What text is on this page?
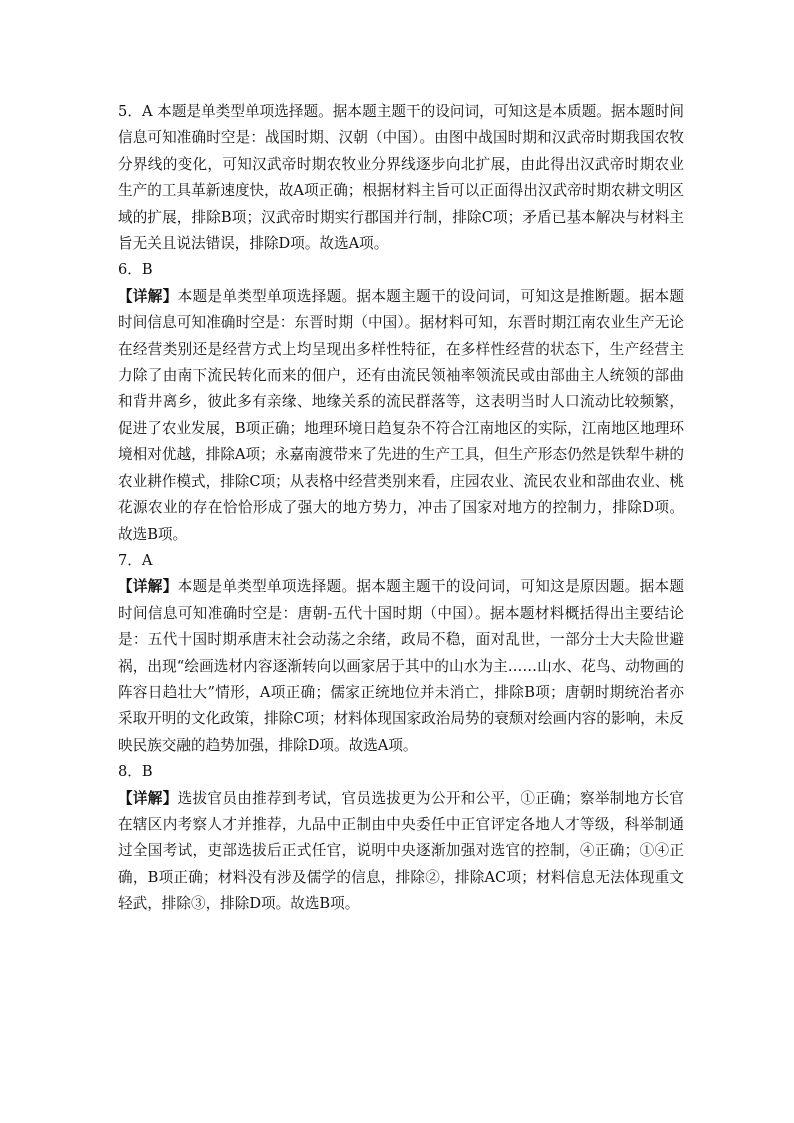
5．A 本题是单类型单项选择题。据本题主题干的设问词，可知这是本质题。据本题时间信息可知准确时空是：战国时期、汉朝（中国）。由图中战国时期和汉武帝时期我国农牧分界线的变化，可知汉武帝时期农牧业分界线逐步向北扩展，由此得出汉武帝时期农业生产的工具革新速度快，故A项正确；根据材料主旨可以正面得出汉武帝时期农耕文明区域的扩展，排除B项；汉武帝时期实行郡国并行制，排除C项；矛盾已基本解决与材料主旨无关且说法错误，排除D项。故选A项。

6．B

【详解】本题是单类型单项选择题。据本题主题干的设问词，可知这是推断题。据本题时间信息可知准确时空是：东晋时期（中国）。据材料可知，东晋时期江南农业生产无论在经营类别还是经营方式上均呈现出多样性特征，在多样性经营的状态下，生产经营主力除了由南下流民转化而来的佃户，还有由流民领袖率领流民或由部曲主人统领的部曲和背井离乡，彼此多有亲缘、地缘关系的流民群落等，这表明当时人口流动比较频繁，促进了农业发展，B项正确；地理环境日趋复杂不符合江南地区的实际，江南地区地理环境相对优越，排除A项；永嘉南渡带来了先进的生产工具，但生产形态仍然是铁犁牛耕的农业耕作模式，排除C项；从表格中经营类别来看，庄园农业、流民农业和部曲农业、桃花源农业的存在恰恰形成了强大的地方势力，冲击了国家对地方的控制力，排除D项。故选B项。

7．A

【详解】本题是单类型单项选择题。据本题主题干的设问词，可知这是原因题。据本题时间信息可知准确时空是：唐朝-五代十国时期（中国）。据本题材料概括得出主要结论是：五代十国时期承唐末社会动荡之余绪，政局不稳，面对乱世，一部分士大夫险世避祸，出现“绘画选材内容逐渐转向以画家居于其中的山水为主……山水、花鸟、动物画的阵容日趋壮大”情形，A项正确；儒家正统地位并未消亡，排除B项；唐朝时期统治者亦采取开明的文化政策，排除C项；材料体现国家政治局势的衰颓对绘画内容的影响，未反映民族交融的趋势加强，排除D项。故选A项。

8．B

【详解】选拔官员由推荐到考试，官员选拔更为公开和公平，①正确；察举制地方长官在辖区内考察人才并推荐，九品中正制由中央委任中正官评定各地人才等级，科举制通过全国考试，吏部选拔后正式任官，说明中央逐渐加强对选官的控制，④正确；①④正确，B项正确；材料没有涉及儒学的信息，排除②，排除AC项；材料信息无法体现重文轻武，排除③，排除D项。故选B项。
